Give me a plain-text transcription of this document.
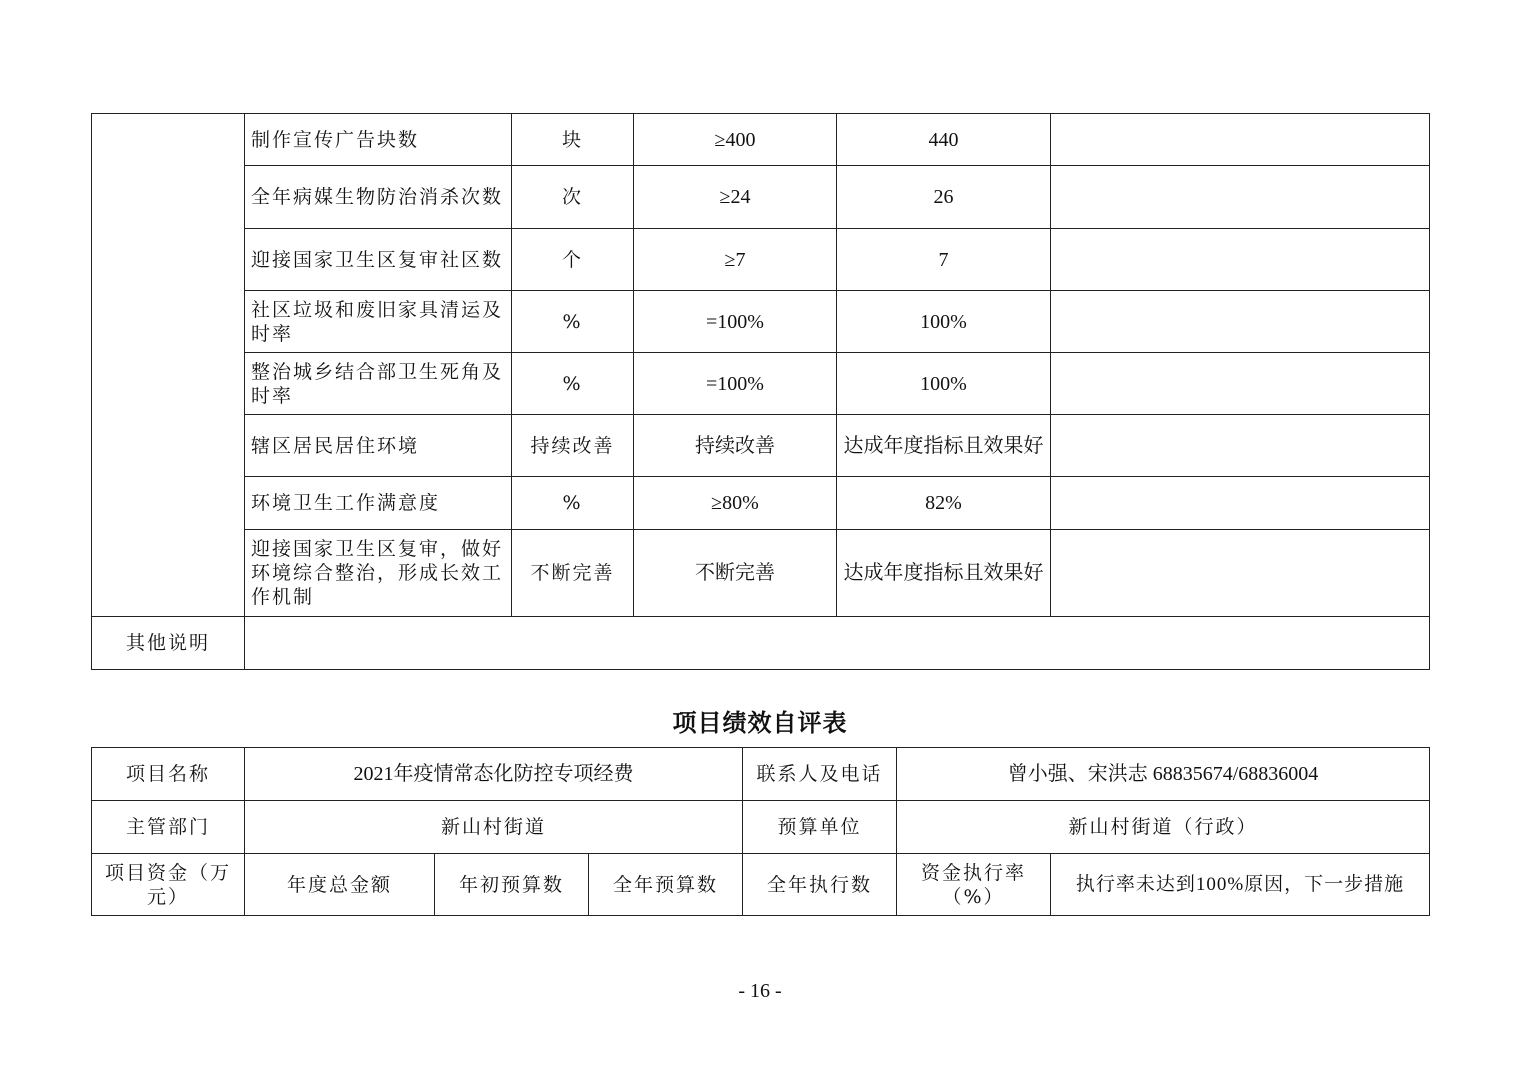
	制作宣传广告块数	块	≥400	440	
	全年病媒生物防治消杀次数	次	≥24	26	
	迎接国家卫生区复审社区数	个	≥7	7	
	社区垃圾和废旧家具清运及时率	%	=100%	100%	
	整治城乡结合部卫生死角及时率	%	=100%	100%	
	辖区居民居住环境	持续改善	持续改善	达成年度指标且效果好	
	环境卫生工作满意度	%	≥80%	82%	
	迎接国家卫生区复审，做好环境综合整治，形成长效工作机制	不断完善	不断完善	达成年度指标且效果好	
其他说明					
项目绩效自评表
项目名称	2021年疫情常态化防控专项经费			联系人及电话	曾小强、宋洪志 68835674/68836004	
主管部门	新山村街道			预算单位	新山村街道（行政）	
项目资金（万元）	年度总金额	年初预算数	全年预算数	全年执行数	资金执行率（%）	执行率未达到100%原因，下一步措施
- 16 -
